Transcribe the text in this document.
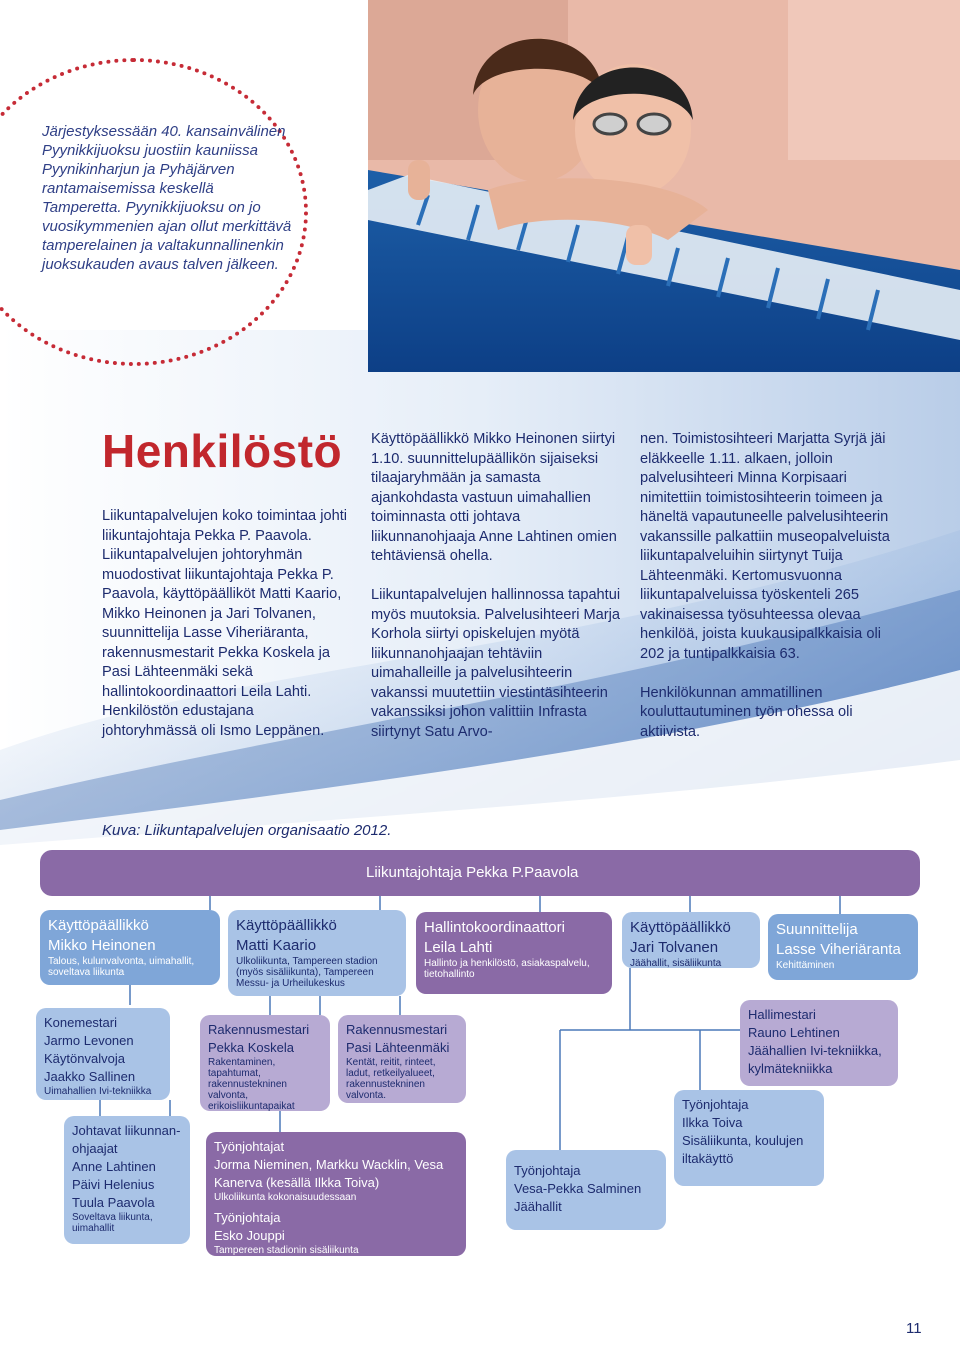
Järjestyksessään 40. kansainvälinen Pyynikkijuoksu juostiin kauniissa Pyynikinharjun ja Pyhäjärven rantamaisemissa keskellä Tamperetta. Pyynikkijuoksu on jo vuosikymmenien ajan ollut merkittävä tamperelainen ja valtakunnallinenkin juoksukauden avaus talven jälkeen.
Henkilöstö

Liikuntapalvelujen koko toimintaa johti liikuntajohtaja Pekka P. Paavola. Liikuntapalvelujen johtoryhmän muodostivat liikuntajohtaja Pekka P. Paavola, käyttöpäälliköt Matti Kaario, Mikko Heinonen ja Jari Tolvanen, suunnittelija Lasse Viheriäranta, rakennusmestarit Pekka Koskela ja Pasi Lähteenmäki sekä hallintokoordinaattori Leila Lahti. Henkilöstön edustajana johtoryhmässä oli Ismo Leppänen.

Käyttöpäällikkö Mikko Heinonen siirtyi 1.10. suunnittelupäällikön sijaiseksi tilaajaryhmään ja samasta ajankohdasta vastuun uimahallien toiminnasta otti johtava liikunnanohjaaja Anne Lahtinen omien tehtäviensä ohella.

Liikuntapalvelujen hallinnossa tapahtui myös muutoksia. Palvelusihteeri Marja Korhola siirtyi opiskelujen myötä liikunnanohjaajan tehtäviin uimahalleille ja palvelusihteerin vakanssi muutettiin viestintäsihteerin vakanssiksi johon valittiin Infrasta siirtynyt Satu Arvo-

nen. Toimistosihteeri Marjatta Syrjä jäi eläkkeelle 1.11. alkaen, jolloin palvelusihteeri Minna Korpisaari nimitettiin toimistosihteerin toimeen ja häneltä vapautuneelle palvelusihteerin vakanssille palkattiin museopalveluista liikuntapalveluihin siirtynyt Tuija Lähteenmäki. Kertomusvuonna liikuntapalveluissa työskenteli 265 vakinaisessa työsuhteessa olevaa henkilöä, joista kuukausipalkkaisia oli 202 ja tuntipalkkaisia 63.

Henkilökunnan ammatillinen kouluttautuminen työn ohessa oli aktiivista.

Kuva: Liikuntapalvelujen organisaatio 2012.
Liikuntajohtaja Pekka P.Paavola
Käyttöpäällikkö
Mikko Heinonen
Talous, kulunvalvonta, uimahallit, soveltava liikunta
Käyttöpäällikkö
Matti Kaario
Ulkoliikunta, Tampereen stadion (myös sisäliikunta), Tampereen Messu- ja Urheilukeskus
Hallintokoordinaattori
Leila Lahti
Hallinto ja henkilöstö, asiakaspalvelu, tietohallinto
Käyttöpäällikkö
Jari Tolvanen
Jäähallit, sisäliikunta
Suunnittelija
Lasse Viheriäranta
Kehittäminen
Konemestari
Jarmo Levonen
Käytönvalvoja
Jaakko Sallinen
Uimahallien Ivi-tekniikka
Rakennusmestari
Pekka Koskela
Rakentaminen, tapahtumat, rakennustekninen valvonta, erikoisliikuntapaikat
Rakennusmestari
Pasi Lähteenmäki
Kentät, reitit, rinteet, ladut, retkeilyalueet, rakennustekninen valvonta.
Hallimestari
Rauno Lehtinen
Jäähallien Ivi-tekniikka, kylmätekniikka
Johtavat liikunnan-
ohjaajat
Anne Lahtinen
Päivi Helenius
Tuula Paavola
Soveltava liikunta, uimahallit
Työnjohtajat
Jorma Nieminen, Markku Wacklin, Vesa Kanerva (kesällä Ilkka Toiva)
Ulkoliikunta kokonaisuudessaan
Työnjohtaja
Esko Jouppi
Tampereen stadionin sisäliikunta
Työnjohtaja
Vesa-Pekka Salminen
Jäähallit
Työnjohtaja
Ilkka Toiva
Sisäliikunta, koulujen iltakäyttö
11
